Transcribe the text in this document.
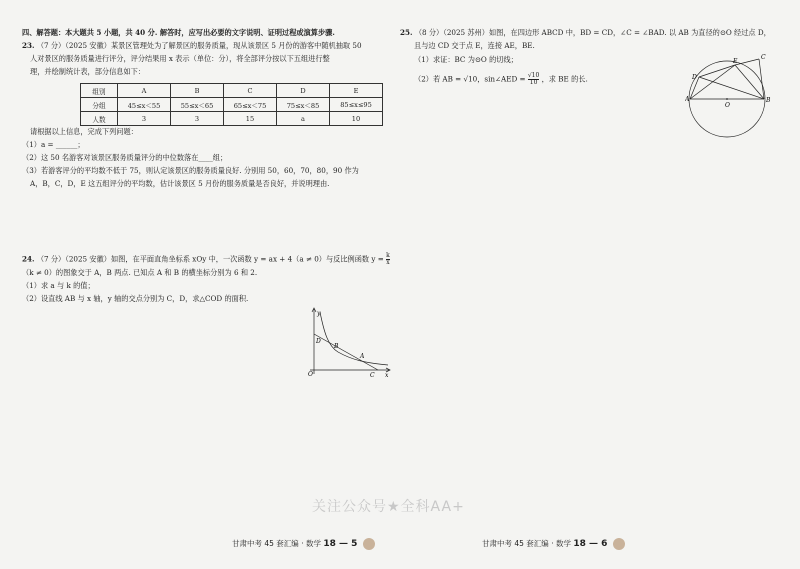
四、解答题：本大题共 5 小题，共 40 分. 解答时，应写出必要的文字说明、证明过程或演算步骤.
23. （7 分）（2025 安徽）某景区管理处为了解景区的服务质量，现从该景区 5 月份的游客中随机抽取 50
人对景区的服务质量进行评分，评分结果用 x 表示（单位：分），将全部评分按以下五组进行整
理，并绘制统计表，部分信息如下：
组别	A	B	C	D	E
分组	45≤x＜55	55≤x＜65	65≤x＜75	75≤x＜85	85≤x≤95
人数	3	3	15	a	10
请根据以上信息，完成下列问题：
（1）a = ______；
（2）这 50 名游客对该景区服务质量评分的中位数落在____组；
（3）若游客评分的平均数不低于 75，则认定该景区的服务质量良好. 分别用 50，60，70，80，90 作为
A，B，C，D，E 这五组评分的平均数，估计该景区 5 月份的服务质量是否良好，并说明理由.
24. （7 分）（2025 安徽）如图，在平面直角坐标系 xOy 中，一次函数 y = ax + 4（a ≠ 0）与反比例函数 $y = \frac{k}{x}$
（k ≠ 0）的图象交于 A，B 两点. 已知点 A 和 B 的横坐标分别为 6 和 2.
（1）求 a 与 k 的值；
（2）设直线 AB 与 x 轴，y 轴的交点分别为 C，D，求△COD 的面积.
y
x
O
B
A
D
C
甘肃中考 45 套汇编 · 数学 18 — 5
25. （8 分）（2025 苏州）如图，在四边形 ABCD 中，BD = CD，∠C = ∠BAD. 以 AB 为直径的⊙O 经过点 D，
且与边 CD 交于点 E，连接 AE，BE.
（1）求证：BC 为⊙O 的切线；
（2）若 AB = √10，sin∠AED = $\frac{√10}{10}$ ，求 BE 的长.
A	B
C
D
E
O
甘肃中考 45 套汇编 · 数学 18 — 6
关注公众号★全科AA+
